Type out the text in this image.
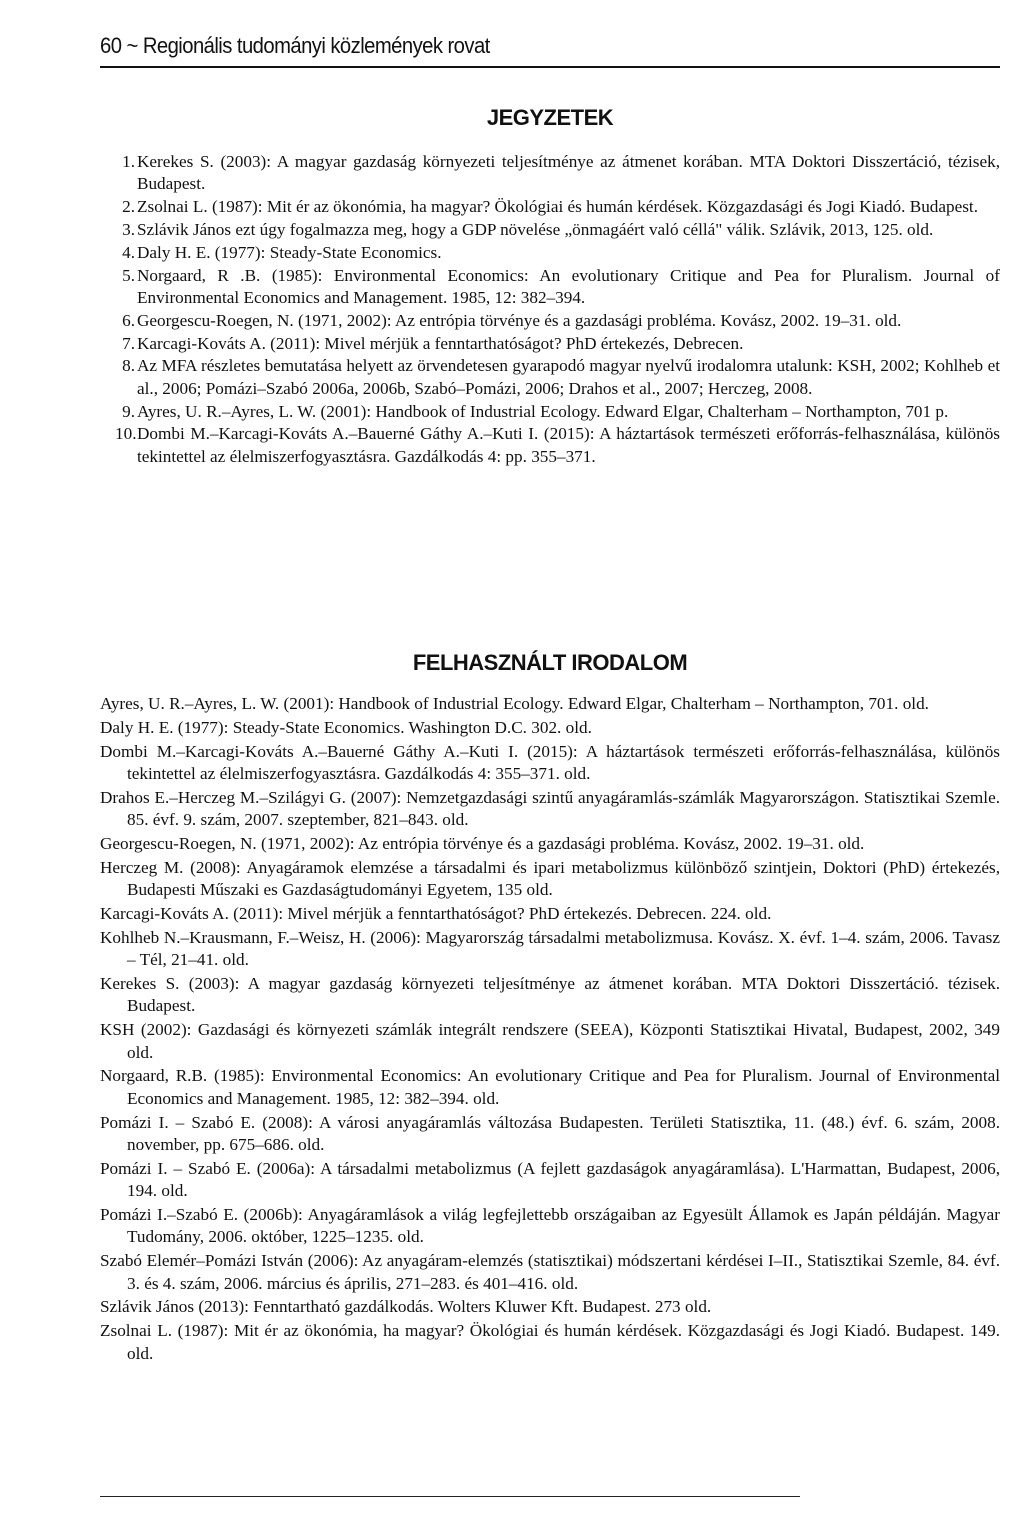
60 ~ Regionális tudományi közlemények rovat
JEGYZETEK
1. Kerekes S. (2003): A magyar gazdaság környezeti teljesítménye az átmenet korában. MTA Doktori Disszertáció, tézisek, Budapest.
2. Zsolnai L. (1987): Mit ér az ökonómia, ha magyar? Ökológiai és humán kérdések. Közgazdasági és Jogi Kiadó. Budapest.
3. Szlávik János ezt úgy fogalmazza meg, hogy a GDP növelése „önmagáért való céllá" válik. Szlávik, 2013, 125. old.
4. Daly H. E. (1977): Steady-State Economics.
5. Norgaard, R .B. (1985): Environmental Economics: An evolutionary Critique and Pea for Pluralism. Journal of Environmental Economics and Management. 1985, 12: 382–394.
6. Georgescu-Roegen, N. (1971, 2002): Az entrópia törvénye és a gazdasági probléma. Kovász, 2002. 19–31. old.
7. Karcagi-Kováts A. (2011): Mivel mérjük a fenntarthatóságot? PhD értekezés, Debrecen.
8. Az MFA részletes bemutatása helyett az örvendetesen gyarapodó magyar nyelvű irodalomra utalunk: KSH, 2002; Kohlheb et al., 2006; Pomázi–Szabó 2006a, 2006b, Szabó–Pomázi, 2006; Drahos et al., 2007; Herczeg, 2008.
9. Ayres, U. R.–Ayres, L. W. (2001): Handbook of Industrial Ecology. Edward Elgar, Chalterham – Northampton, 701 p.
10. Dombi M.–Karcagi-Kováts A.–Bauerné Gáthy A.–Kuti I. (2015): A háztartások természeti erőforrás-felhasználása, különös tekintettel az élelmiszerfogyasztásra. Gazdálkodás 4: pp. 355–371.
FELHASZNÁLT IRODALOM
Ayres, U. R.–Ayres, L. W. (2001): Handbook of Industrial Ecology. Edward Elgar, Chalterham – Northampton, 701. old.
Daly H. E. (1977): Steady-State Economics. Washington D.C. 302. old.
Dombi M.–Karcagi-Kováts A.–Bauerné Gáthy A.–Kuti I. (2015): A háztartások természeti erőforrás-felhasználása, különös tekintettel az élelmiszerfogyasztásra. Gazdálkodás 4: 355–371. old.
Drahos E.–Herczeg M.–Szilágyi G. (2007): Nemzetgazdasági szintű anyagáramlás-számlák Magyarországon. Statisztikai Szemle. 85. évf. 9. szám, 2007. szeptember, 821–843. old.
Georgescu-Roegen, N. (1971, 2002): Az entrópia törvénye és a gazdasági probléma. Kovász, 2002. 19–31. old.
Herczeg M. (2008): Anyagáramok elemzése a társadalmi és ipari metabolizmus különböző szintjein, Doktori (PhD) értekezés, Budapesti Műszaki es Gazdaságtudományi Egyetem, 135 old.
Karcagi-Kováts A. (2011): Mivel mérjük a fenntarthatóságot? PhD értekezés. Debrecen. 224. old.
Kohlheb N.–Krausmann, F.–Weisz, H. (2006): Magyarország társadalmi metabolizmusa. Kovász. X. évf. 1–4. szám, 2006. Tavasz – Tél, 21–41. old.
Kerekes S. (2003): A magyar gazdaság környezeti teljesítménye az átmenet korában. MTA Doktori Disszertáció. tézisek. Budapest.
KSH (2002): Gazdasági és környezeti számlák integrált rendszere (SEEA), Központi Statisztikai Hivatal, Budapest, 2002, 349 old.
Norgaard, R.B. (1985): Environmental Economics: An evolutionary Critique and Pea for Pluralism. Journal of Environmental Economics and Management. 1985, 12: 382–394. old.
Pomázi I. – Szabó E. (2008): A városi anyagáramlás változása Budapesten. Területi Statisztika, 11. (48.) évf. 6. szám, 2008. november, pp. 675–686. old.
Pomázi I. – Szabó E. (2006a): A társadalmi metabolizmus (A fejlett gazdaságok anyagáramlása). L'Harmattan, Budapest, 2006, 194. old.
Pomázi I.–Szabó E. (2006b): Anyagáramlások a világ legfejlettebb országaiban az Egyesült Államok es Japán példáján. Magyar Tudomány, 2006. október, 1225–1235. old.
Szabó Elemér–Pomázi István (2006): Az anyagáram-elemzés (statisztikai) módszertani kérdései I–II., Statisztikai Szemle, 84. évf. 3. és 4. szám, 2006. március és április, 271–283. és 401–416. old.
Szlávik János (2013): Fenntartható gazdálkodás. Wolters Kluwer Kft. Budapest. 273 old.
Zsolnai L. (1987): Mit ér az ökonómia, ha magyar? Ökológiai és humán kérdések. Közgazdasági és Jogi Kiadó. Budapest. 149. old.
